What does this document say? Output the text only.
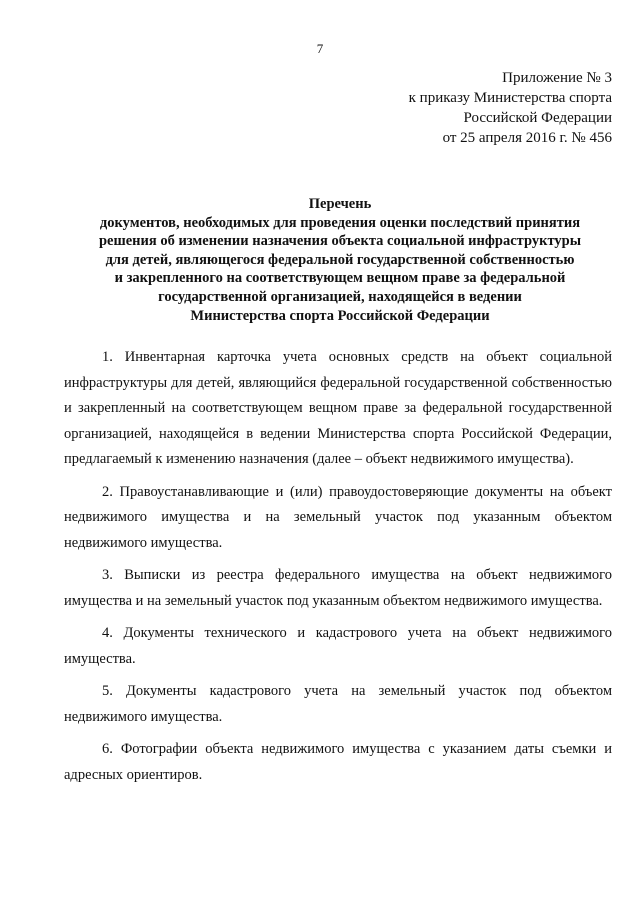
7
Приложение № 3
к приказу Министерства спорта
Российской Федерации
от 25 апреля 2016 г. № 456
Перечень
документов, необходимых для проведения оценки последствий принятия
решения об изменении назначения объекта социальной инфраструктуры
для детей, являющегося федеральной государственной собственностью
и закрепленного на соответствующем вещном праве за федеральной
государственной организацией, находящейся в ведении
Министерства спорта Российской Федерации

1. Инвентарная карточка учета основных средств на объект социальной инфраструктуры для детей, являющийся федеральной государственной собственностью и закрепленный на соответствующем вещном праве за федеральной государственной организацией, находящейся в ведении Министерства спорта Российской Федерации, предлагаемый к изменению назначения (далее – объект недвижимого имущества).

2. Правоустанавливающие и (или) правоудостоверяющие документы на объект недвижимого имущества и на земельный участок под указанным объектом недвижимого имущества.

3. Выписки из реестра федерального имущества на объект недвижимого имущества и на земельный участок под указанным объектом недвижимого имущества.

4. Документы технического и кадастрового учета на объект недвижимого имущества.

5. Документы кадастрового учета на земельный участок под объектом недвижимого имущества.

6. Фотографии объекта недвижимого имущества с указанием даты съемки и адресных ориентиров.
